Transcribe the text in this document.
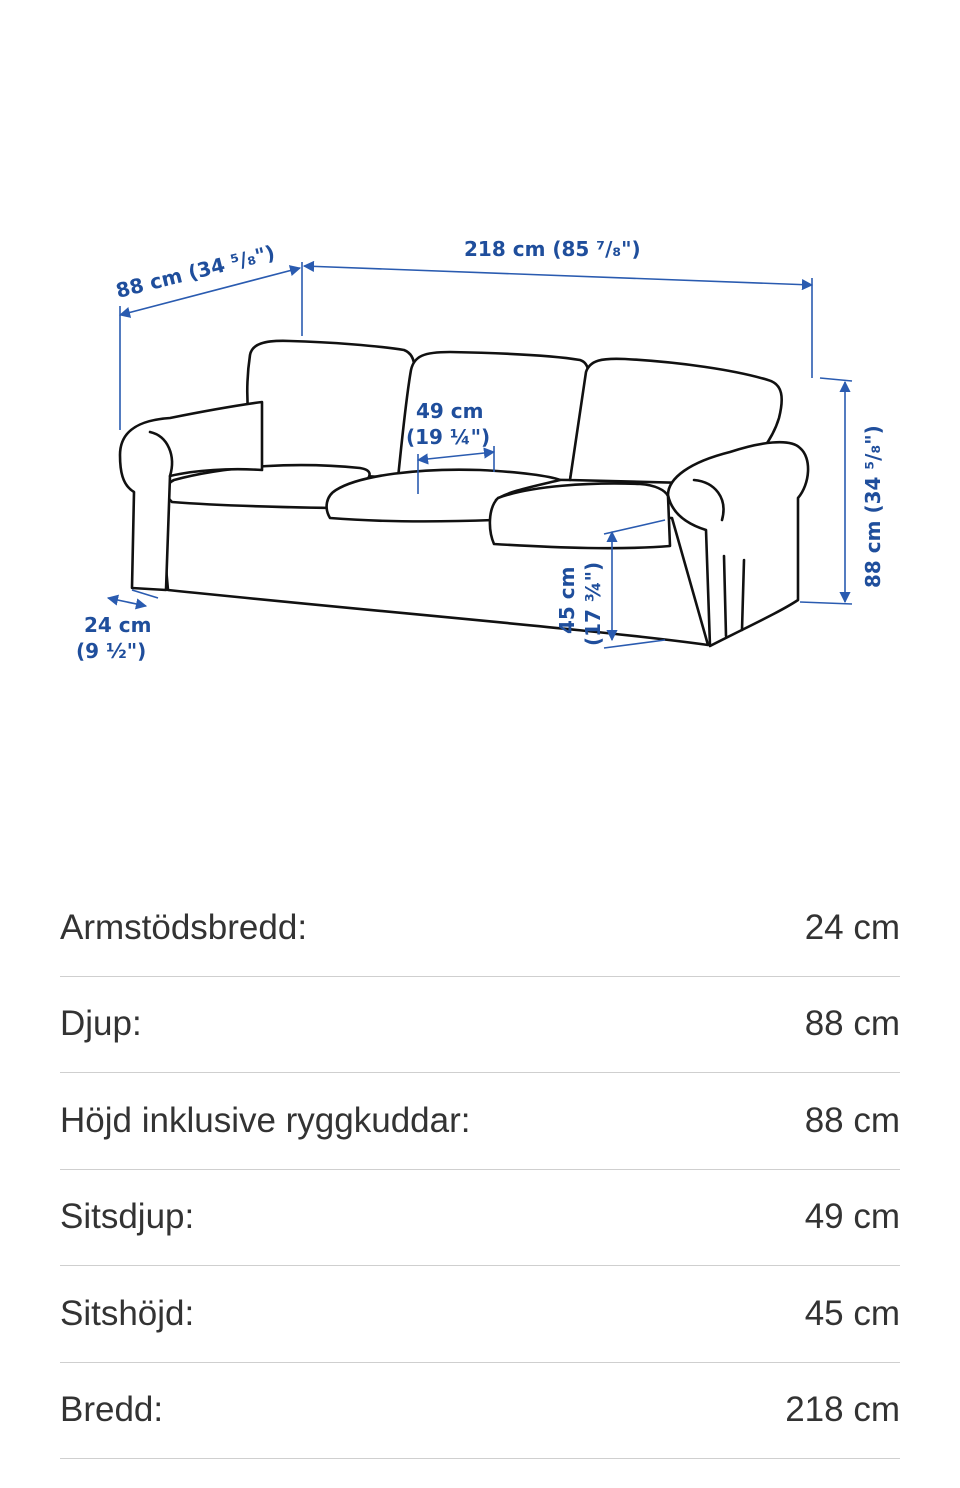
88 cm (34 ⁵/₈")	218 cm (85 ⁷/₈")
49 cm
(19 ¼")	88 cm (34 ⁵/₈")
45 cm (17 ¾")
24 cm
(9 ½")
Armstödsbredd:	24 cm
Djup:	88 cm
Höjd inklusive ryggkuddar:	88 cm
Sitsdjup:	49 cm
Sitshöjd:	45 cm
Bredd:	218 cm
